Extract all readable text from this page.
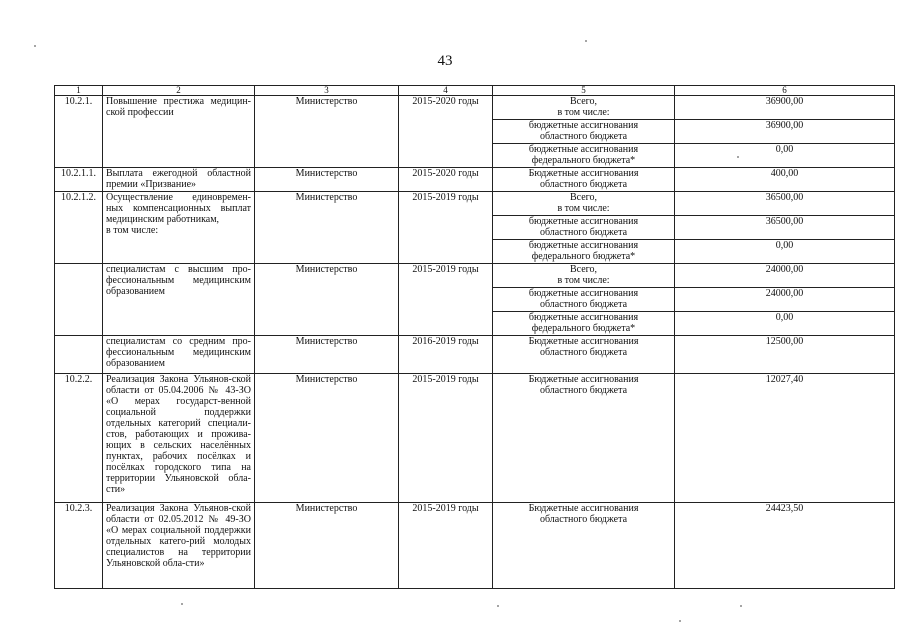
43
1	2	3	4	5	6
10.2.1.	Повышение престижа медицин-ской профессии	Министерство	2015-2020 годы	Всего,
в том числе:	36900,00
				бюджетные ассигнования
областного бюджета	36900,00
				бюджетные ассигнования
федерального бюджета*	0,00
10.2.1.1.	Выплата ежегодной областной премии «Призвание»	Министерство	2015-2020 годы	Бюджетные ассигнования
областного бюджета	400,00
10.2.1.2.	Осуществление единовремен-ных компенсационных выплат медицинским работникам,
в том числе:	Министерство	2015-2019 годы	Всего,
в том числе:	36500,00
				бюджетные ассигнования
областного бюджета	36500,00
				бюджетные ассигнования
федерального бюджета*	0,00
	специалистам с высшим про-фессиональным медицинским образованием	Министерство	2015-2019 годы	Всего,
в том числе:	24000,00
				бюджетные ассигнования
областного бюджета	24000,00
				бюджетные ассигнования
федерального бюджета*	0,00
	специалистам со средним про-фессиональным медицинским образованием	Министерство	2016-2019 годы	Бюджетные ассигнования
областного бюджета	12500,00
10.2.2.	Реализация Закона Ульянов-ской области от 05.04.2006 № 43-ЗО «О мерах государст-венной социальной поддержки отдельных категорий специали-стов, работающих и прожива-ющих в сельских населённых пунктах, рабочих посёлках и посёлках городского типа на территории Ульяновской обла-сти»	Министерство	2015-2019 годы	Бюджетные ассигнования
областного бюджета	12027,40
10.2.3.	Реализация Закона Ульянов-ской области от 02.05.2012 № 49-ЗО «О мерах социальной поддержки отдельных катего-рий молодых специалистов на территории Ульяновской обла-сти»	Министерство	2015-2019 годы	Бюджетные ассигнования
областного бюджета	24423,50
